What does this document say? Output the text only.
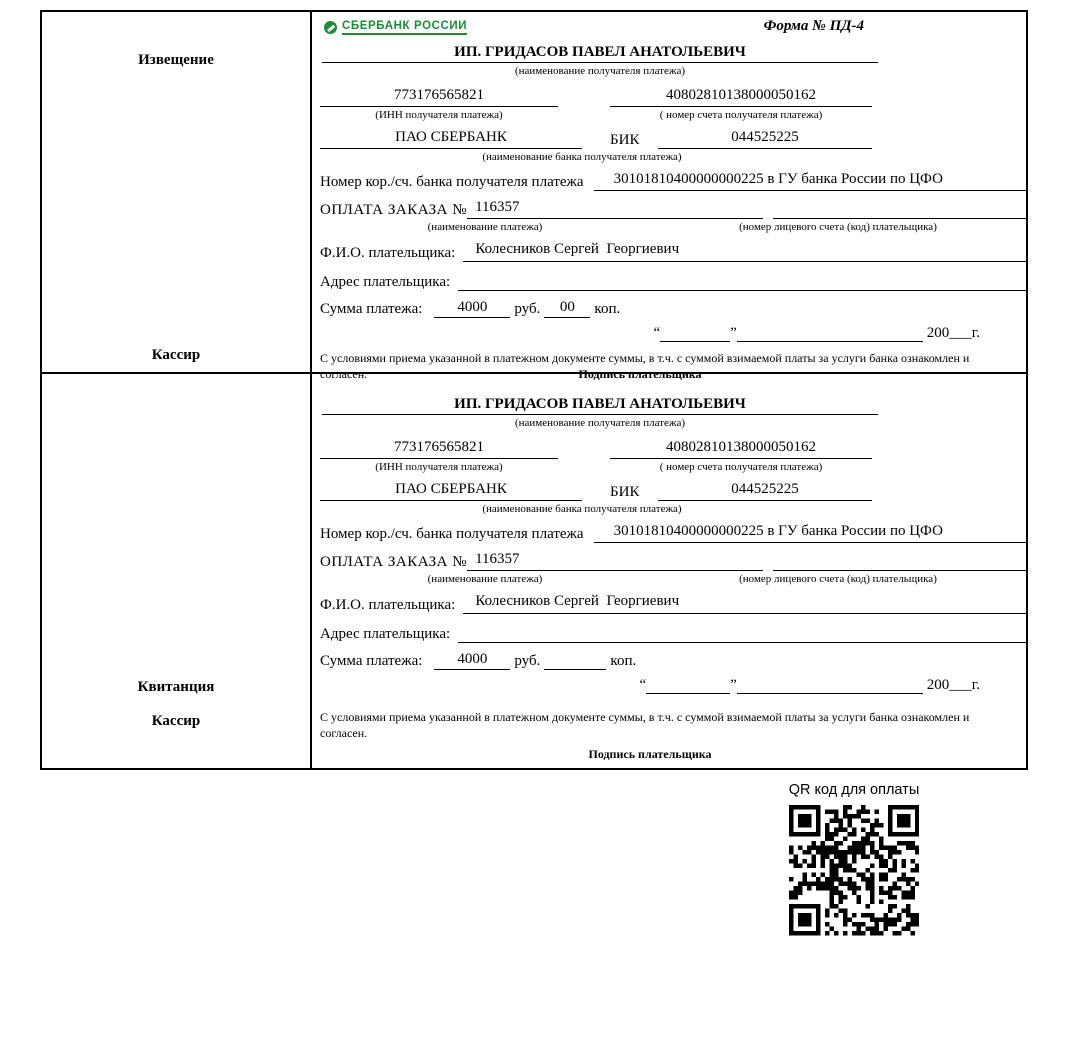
Извещение
Кассир
СБЕРБАНК РОССИИ	Форма № ПД-4
ИП. ГРИДАСОВ ПАВЕЛ АНАТОЛЬЕВИЧ
(наименование получателя платежа)
773176565821	40802810138000050162
(ИНН получателя платежа)	( номер счета получателя платежа)
ПАО СБЕРБАНК	БИК	044525225
(наименование банка получателя платежа)
Номер кор./сч. банка получателя платежа	30101810400000000225 в ГУ банка России по ЦФО
ОПЛАТА ЗАКАЗА № 116357
(наименование платежа)	(номер лицевого счета (код) плательщика)
Ф.И.О. плательщика:	Колесников Сергей  Георгиевич
Адрес плательщика:
Сумма платежа:	4000	руб.	00	коп.
“	”	200___г.
С условиями приема указанной в платежном документе суммы, в т.ч. с суммой взимаемой платы за услуги банка ознакомлен и согласен.	Подпись плательщика
Квитанция
Кассир
ИП. ГРИДАСОВ ПАВЕЛ АНАТОЛЬЕВИЧ
(наименование получателя платежа)
773176565821	40802810138000050162
(ИНН получателя платежа)	( номер счета получателя платежа)
ПАО СБЕРБАНК	БИК	044525225
(наименование банка получателя платежа)
Номер кор./сч. банка получателя платежа	30101810400000000225 в ГУ банка России по ЦФО
ОПЛАТА ЗАКАЗА № 116357
(наименование платежа)	(номер лицевого счета (код) плательщика)
Ф.И.О. плательщика:	Колесников Сергей  Георгиевич
Адрес плательщика:
Сумма платежа:	4000	руб.	коп.
“	”	200___г.
С условиями приема указанной в платежном документе суммы, в т.ч. с суммой взимаемой платы за услуги банка ознакомлен и согласен.
Подпись плательщика
QR код для оплаты
